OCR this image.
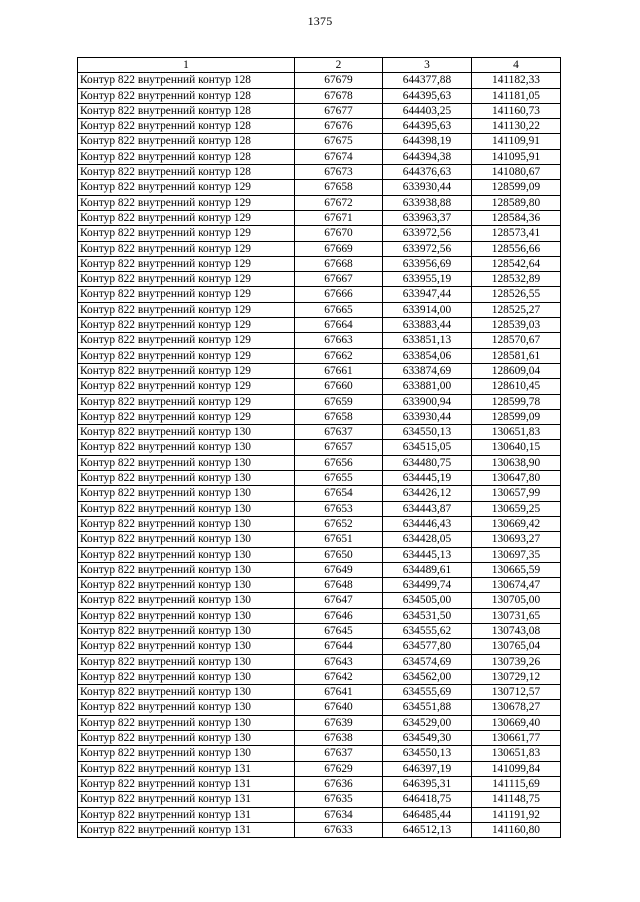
1375
1	2	3	4
Контур 822 внутренний контур 128	67679	644377,88	141182,33
Контур 822 внутренний контур 128	67678	644395,63	141181,05
Контур 822 внутренний контур 128	67677	644403,25	141160,73
Контур 822 внутренний контур 128	67676	644395,63	141130,22
Контур 822 внутренний контур 128	67675	644398,19	141109,91
Контур 822 внутренний контур 128	67674	644394,38	141095,91
Контур 822 внутренний контур 128	67673	644376,63	141080,67
Контур 822 внутренний контур 129	67658	633930,44	128599,09
Контур 822 внутренний контур 129	67672	633938,88	128589,80
Контур 822 внутренний контур 129	67671	633963,37	128584,36
Контур 822 внутренний контур 129	67670	633972,56	128573,41
Контур 822 внутренний контур 129	67669	633972,56	128556,66
Контур 822 внутренний контур 129	67668	633956,69	128542,64
Контур 822 внутренний контур 129	67667	633955,19	128532,89
Контур 822 внутренний контур 129	67666	633947,44	128526,55
Контур 822 внутренний контур 129	67665	633914,00	128525,27
Контур 822 внутренний контур 129	67664	633883,44	128539,03
Контур 822 внутренний контур 129	67663	633851,13	128570,67
Контур 822 внутренний контур 129	67662	633854,06	128581,61
Контур 822 внутренний контур 129	67661	633874,69	128609,04
Контур 822 внутренний контур 129	67660	633881,00	128610,45
Контур 822 внутренний контур 129	67659	633900,94	128599,78
Контур 822 внутренний контур 129	67658	633930,44	128599,09
Контур 822 внутренний контур 130	67637	634550,13	130651,83
Контур 822 внутренний контур 130	67657	634515,05	130640,15
Контур 822 внутренний контур 130	67656	634480,75	130638,90
Контур 822 внутренний контур 130	67655	634445,19	130647,80
Контур 822 внутренний контур 130	67654	634426,12	130657,99
Контур 822 внутренний контур 130	67653	634443,87	130659,25
Контур 822 внутренний контур 130	67652	634446,43	130669,42
Контур 822 внутренний контур 130	67651	634428,05	130693,27
Контур 822 внутренний контур 130	67650	634445,13	130697,35
Контур 822 внутренний контур 130	67649	634489,61	130665,59
Контур 822 внутренний контур 130	67648	634499,74	130674,47
Контур 822 внутренний контур 130	67647	634505,00	130705,00
Контур 822 внутренний контур 130	67646	634531,50	130731,65
Контур 822 внутренний контур 130	67645	634555,62	130743,08
Контур 822 внутренний контур 130	67644	634577,80	130765,04
Контур 822 внутренний контур 130	67643	634574,69	130739,26
Контур 822 внутренний контур 130	67642	634562,00	130729,12
Контур 822 внутренний контур 130	67641	634555,69	130712,57
Контур 822 внутренний контур 130	67640	634551,88	130678,27
Контур 822 внутренний контур 130	67639	634529,00	130669,40
Контур 822 внутренний контур 130	67638	634549,30	130661,77
Контур 822 внутренний контур 130	67637	634550,13	130651,83
Контур 822 внутренний контур 131	67629	646397,19	141099,84
Контур 822 внутренний контур 131	67636	646395,31	141115,69
Контур 822 внутренний контур 131	67635	646418,75	141148,75
Контур 822 внутренний контур 131	67634	646485,44	141191,92
Контур 822 внутренний контур 131	67633	646512,13	141160,80
